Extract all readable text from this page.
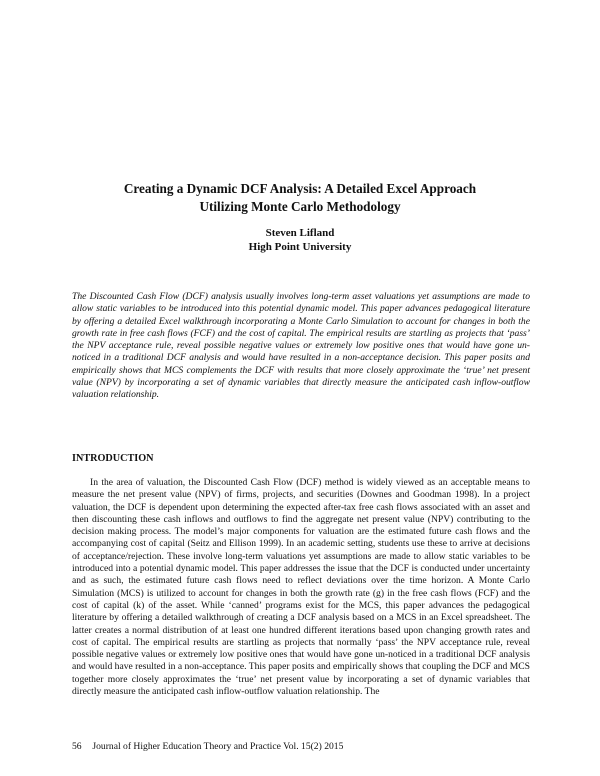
Creating a Dynamic DCF Analysis: A Detailed Excel Approach
Utilizing Monte Carlo Methodology
Steven Lifland
High Point University

The Discounted Cash Flow (DCF) analysis usually involves long-term asset valuations yet assumptions are made to allow static variables to be introduced into this potential dynamic model. This paper advances pedagogical literature by offering a detailed Excel walkthrough incorporating a Monte Carlo Simulation to account for changes in both the growth rate in free cash flows (FCF) and the cost of capital. The empirical results are startling as projects that ‘pass’ the NPV acceptance rule, reveal possible negative values or extremely low positive ones that would have gone un-noticed in a traditional DCF analysis and would have resulted in a non-acceptance decision. This paper posits and empirically shows that MCS complements the DCF with results that more closely approximate the ‘true’ net present value (NPV) by incorporating a set of dynamic variables that directly measure the anticipated cash inflow-outflow valuation relationship.

INTRODUCTION

In the area of valuation, the Discounted Cash Flow (DCF) method is widely viewed as an acceptable means to measure the net present value (NPV) of firms, projects, and securities (Downes and Goodman 1998). In a project valuation, the DCF is dependent upon determining the expected after-tax free cash flows associated with an asset and then discounting these cash inflows and outflows to find the aggregate net present value (NPV) contributing to the decision making process. The model’s major components for valuation are the estimated future cash flows and the accompanying cost of capital (Seitz and Ellison 1999). In an academic setting, students use these to arrive at decisions of acceptance/rejection. These involve long-term valuations yet assumptions are made to allow static variables to be introduced into a potential dynamic model. This paper addresses the issue that the DCF is conducted under uncertainty and as such, the estimated future cash flows need to reflect deviations over the time horizon. A Monte Carlo Simulation (MCS) is utilized to account for changes in both the growth rate (g) in the free cash flows (FCF) and the cost of capital (k) of the asset. While ‘canned’ programs exist for the MCS, this paper advances the pedagogical literature by offering a detailed walkthrough of creating a DCF analysis based on a MCS in an Excel spreadsheet. The latter creates a normal distribution of at least one hundred different iterations based upon changing growth rates and cost of capital. The empirical results are startling as projects that normally ‘pass’ the NPV acceptance rule, reveal possible negative values or extremely low positive ones that would have gone un-noticed in a traditional DCF analysis and would have resulted in a non-acceptance. This paper posits and empirically shows that coupling the DCF and MCS together more closely approximates the ‘true’ net present value by incorporating a set of dynamic variables that directly measure the anticipated cash inflow-outflow valuation relationship. The

56 Journal of Higher Education Theory and Practice Vol. 15(2) 2015
